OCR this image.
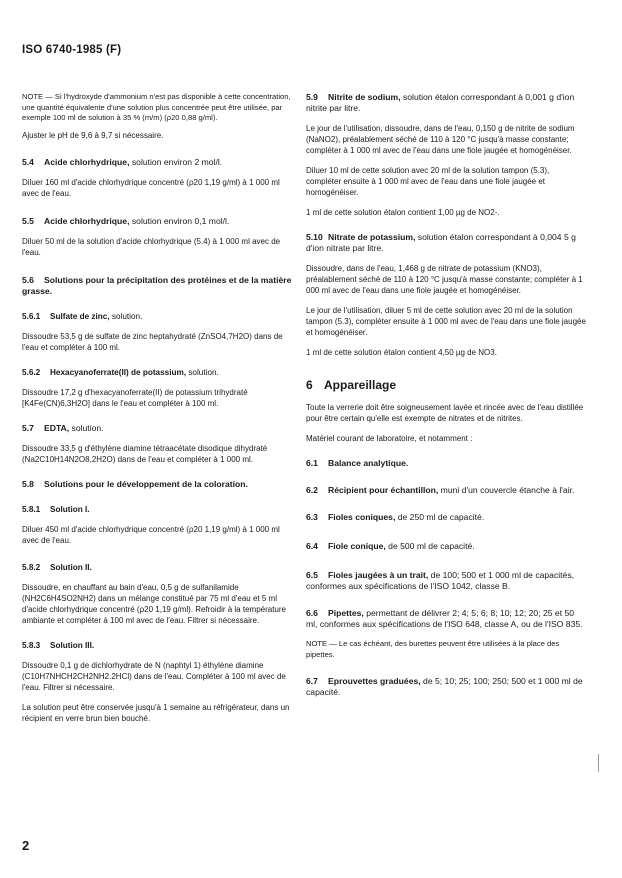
ISO 6740-1985 (F)

NOTE — Si l'hydroxyde d'ammonium n'est pas disponible à cette concentration, une quantité équivalente d'une solution plus concentrée peut être utilisée, par exemple 100 ml de solution à 35 % (m/m) (ρ20 0,88 g/ml).

Ajuster le pH de 9,6 à 9,7 si nécessaire.

5.4 Acide chlorhydrique, solution environ 2 mol/l.

Diluer 160 ml d'acide chlorhydrique concentré (ρ20 1,19 g/ml) à 1 000 ml avec de l'eau.

5.5 Acide chlorhydrique, solution environ 0,1 mol/l.

Diluer 50 ml de la solution d'acide chlorhydrique (5.4) à 1 000 ml avec de l'eau.

5.6 Solutions pour la précipitation des protéines et de la matière grasse.
5.6.1 Sulfate de zinc, solution.

Dissoudre 53,5 g de sulfate de zinc heptahydraté (ZnSO4,7H2O) dans de l'eau et compléter à 100 ml.

5.6.2 Hexacyanoferrate(II) de potassium, solution.

Dissoudre 17,2 g d'hexacyanoferrate(II) de potassium trihydraté [K4Fe(CN)6,3H2O] dans le l'eau et compléter à 100 ml.

5.7 EDTA, solution.

Dissoudre 33,5 g d'éthylène diamine tétraacétate disodique dihydraté (Na2C10H14N2O8,2H2O) dans de l'eau et compléter à 1 000 ml.

5.8 Solutions pour le développement de la coloration.
5.8.1 Solution I.

Diluer 450 ml d'acide chlorhydrique concentré (ρ20 1,19 g/ml) à 1 000 ml avec de l'eau.

5.8.2 Solution II.

Dissoudre, en chauffant au bain d'eau, 0,5 g de sulfanilamide (NH2C6H4SO2NH2) dans un mélange constitué par 75 ml d'eau et 5 ml d'acide chlorhydrique concentré (ρ20 1,19 g/ml). Refroidir à la température ambiante et compléter à 100 ml avec de l'eau. Filtrer si nécessaire.

5.8.3 Solution III.

Dissoudre 0,1 g de dichlorhydrate de N (naphtyl 1) éthylène diamine (C10H7NHCH2CH2NH2.2HCl) dans de l'eau. Compléter à 100 ml avec de l'eau. Filtrer si nécessaire.

La solution peut être conservée jusqu'à 1 semaine au réfrigérateur, dans un récipient en verre brun bien bouché.

5.9 Nitrite de sodium, solution étalon correspondant à 0,001 g d'ion nitrite par litre.

Le jour de l'utilisation, dissoudre, dans de l'eau, 0,150 g de nitrite de sodium (NaNO2), préalablement séché de 110 à 120 °C jusqu'à masse constante; compléter à 1 000 ml avec de l'eau dans une fiole jaugée et homogénéiser.

Diluer 10 ml de cette solution avec 20 ml de la solution tampon (5.3), compléter ensuite à 1 000 ml avec de l'eau dans une fiole jaugée et homogénéiser.

1 ml de cette solution étalon contient 1,00 µg de NO2-.

5.10 Nitrate de potassium, solution étalon correspondant à 0,004 5 g d'ion nitrate par litre.

Dissoudre, dans de l'eau, 1,468 g de nitrate de potassium (KNO3), préalablement séché de 110 à 120 °C jusqu'à masse constante; compléter à 1 000 ml avec de l'eau dans une fiole jaugée et homogénéiser.

Le jour de l'utilisation, diluer 5 ml de cette solution avec 20 ml de la solution tampon (5.3), compléter ensuite à 1 000 ml avec de l'eau dans une fiole jaugée et homogénéiser.

1 ml de cette solution étalon contient 4,50 µg de NO3.

6 Appareillage

Toute la verrerie doit être soigneusement lavée et rincée avec de l'eau distillée pour être certain qu'elle est exempte de nitrates et de nitrites.

Matériel courant de laboratoire, et notamment :

6.1 Balance analytique.
6.2 Récipient pour échantillon, muni d'un couvercle étanche à l'air.
6.3 Fioles coniques, de 250 ml de capacité.
6.4 Fiole conique, de 500 ml de capacité.
6.5 Fioles jaugées à un trait, de 100; 500 et 1 000 ml de capacités, conformes aux spécifications de l'ISO 1042, classe B.
6.6 Pipettes, permettant de délivrer 2; 4; 5; 6; 8; 10; 12; 20; 25 et 50 ml, conformes aux spécifications de l'ISO 648, classe A, ou de l'ISO 835.

NOTE — Le cas échéant, des burettes peuvent être utilisées à la place des pipettes.

6.7 Eprouvettes graduées, de 5; 10; 25; 100; 250; 500 et 1 000 ml de capacité.
2
